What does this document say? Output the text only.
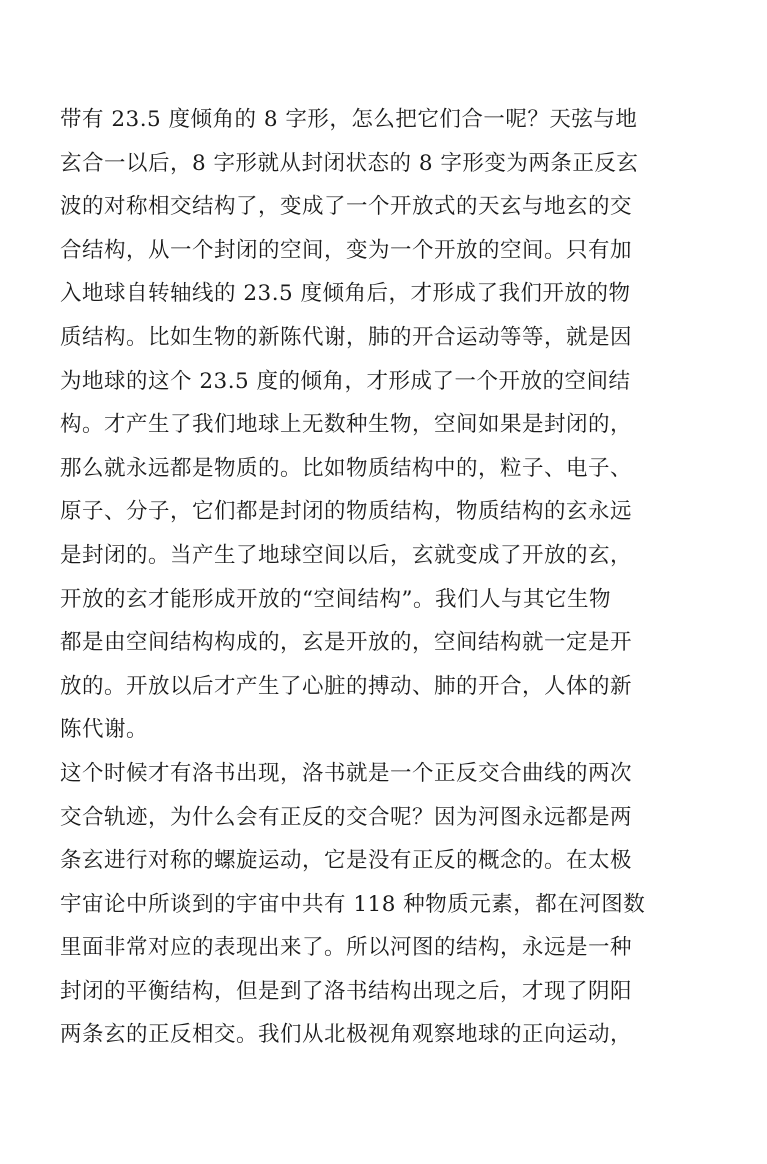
带有 23.5 度倾角的 8 字形，怎么把它们合一呢？天弦与地
玄合一以后，8 字形就从封闭状态的 8 字形变为两条正反玄
波的对称相交结构了，变成了一个开放式的天玄与地玄的交
合结构，从一个封闭的空间，变为一个开放的空间。只有加
入地球自转轴线的 23.5 度倾角后，才形成了我们开放的物
质结构。比如生物的新陈代谢，肺的开合运动等等，就是因
为地球的这个 23.5 度的倾角，才形成了一个开放的空间结
构。才产生了我们地球上无数种生物，空间如果是封闭的，
那么就永远都是物质的。比如物质结构中的，粒子、电子、
原子、分子，它们都是封闭的物质结构，物质结构的玄永远
是封闭的。当产生了地球空间以后，玄就变成了开放的玄，
开放的玄才能形成开放的“空间结构”。我们人与其它生物
都是由空间结构构成的，玄是开放的，空间结构就一定是开
放的。开放以后才产生了心脏的搏动、肺的开合，人体的新
陈代谢。
这个时候才有洛书出现，洛书就是一个正反交合曲线的两次
交合轨迹，为什么会有正反的交合呢？因为河图永远都是两
条玄进行对称的螺旋运动，它是没有正反的概念的。在太极
宇宙论中所谈到的宇宙中共有 118 种物质元素，都在河图数
里面非常对应的表现出来了。所以河图的结构，永远是一种
封闭的平衡结构，但是到了洛书结构出现之后，才现了阴阳
两条玄的正反相交。我们从北极视角观察地球的正向运动，
